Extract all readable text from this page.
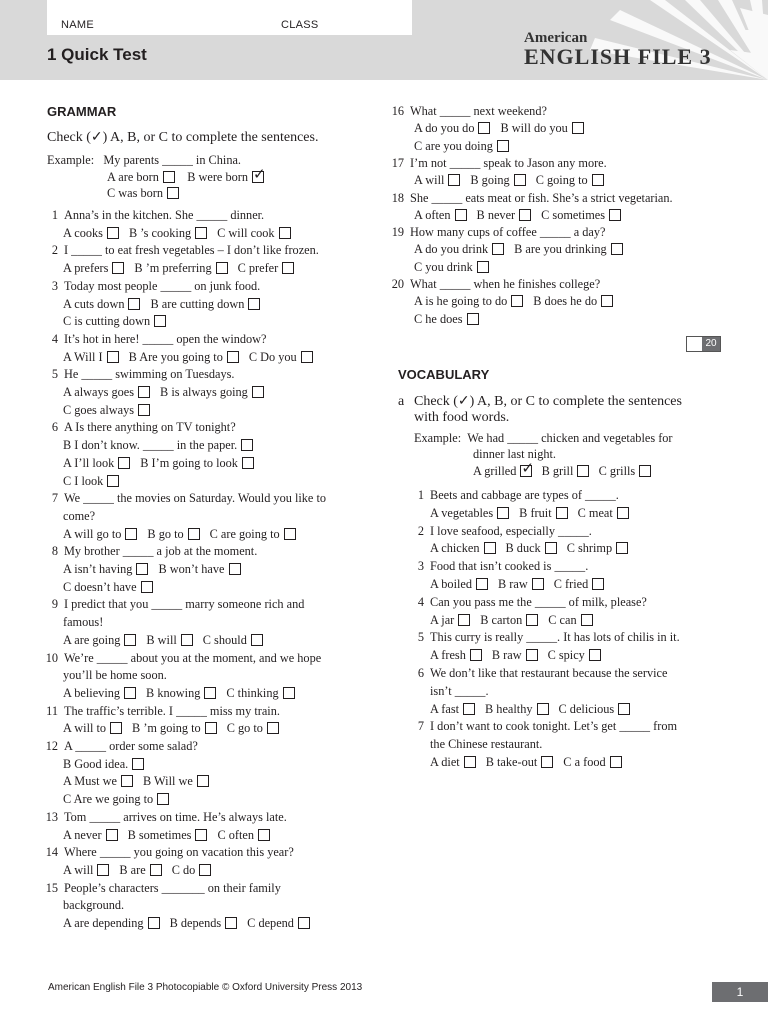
NAME	CLASS
1 Quick Test
American
ENGLISH FILE 3
GRAMMAR
Check (✓) A, B, or C to complete the sentences.
Example: My parents _____ in China.
A are born B were born✓
C was born
1 Anna’s in the kitchen. She _____ dinner.
A cooks B ’s cooking C will cook
2 I _____ to eat fresh vegetables – I don’t like frozen.
A prefers B ’m preferring C prefer
3 Today most people _____ on junk food.
A cuts down B are cutting down
C is cutting down
4 It’s hot in here! _____ open the window?
A Will I B Are you going to C Do you
5 He _____ swimming on Tuesdays.
A always goes B is always going
C goes always
6 A Is there anything on TV tonight?
B I don’t know. _____ in the paper.
A I’ll look B I’m going to look
C I look
7 We _____ the movies on Saturday. Would you like to
come?
A will go to B go to C are going to
8 My brother _____ a job at the moment.
A isn’t having B won’t have
C doesn’t have
9 I predict that you _____ marry someone rich and
famous!
A are going B will C should
10 We’re _____ about you at the moment, and we hope
you’ll be home soon.
A believing B knowing C thinking
11 The traffic’s terrible. I _____ miss my train.
A will to B ’m going to C go to
12 A _____ order some salad?
B Good idea.
A Must we B Will we
C Are we going to
13 Tom _____ arrives on time. He’s always late.
A never B sometimes C often
14 Where _____ you going on vacation this year?
A will B are C do
15 People’s characters _______ on their family
background.
A are depending B depends C depend
16 What _____ next weekend?
A do you do B will do you
C are you doing
17 I’m not _____ speak to Jason any more.
A will B going C going to
18 She _____ eats meat or fish. She’s a strict vegetarian.
A often B never C sometimes
19 How many cups of coffee _____ a day?
A do you drink B are you drinking
C you drink
20 What _____ when he finishes college?
A is he going to do B does he do
C he does
20
VOCABULARY
a Check (✓) A, B, or C to complete the sentences
with food words.
Example: We had _____ chicken and vegetables for
dinner last night.
A grilled✓ B grill C grills
1 Beets and cabbage are types of _____.
A vegetables B fruit C meat
2 I love seafood, especially _____.
A chicken B duck C shrimp
3 Food that isn’t cooked is _____.
A boiled B raw C fried
4 Can you pass me the _____ of milk, please?
A jar B carton C can
5 This curry is really _____. It has lots of chilis in it.
A fresh B raw C spicy
6 We don’t like that restaurant because the service
isn’t _____.
A fast B healthy C delicious
7 I don’t want to cook tonight. Let’s get _____ from
the Chinese restaurant.
A diet B take-out C a food
American English File 3 Photocopiable © Oxford University Press 2013	1
